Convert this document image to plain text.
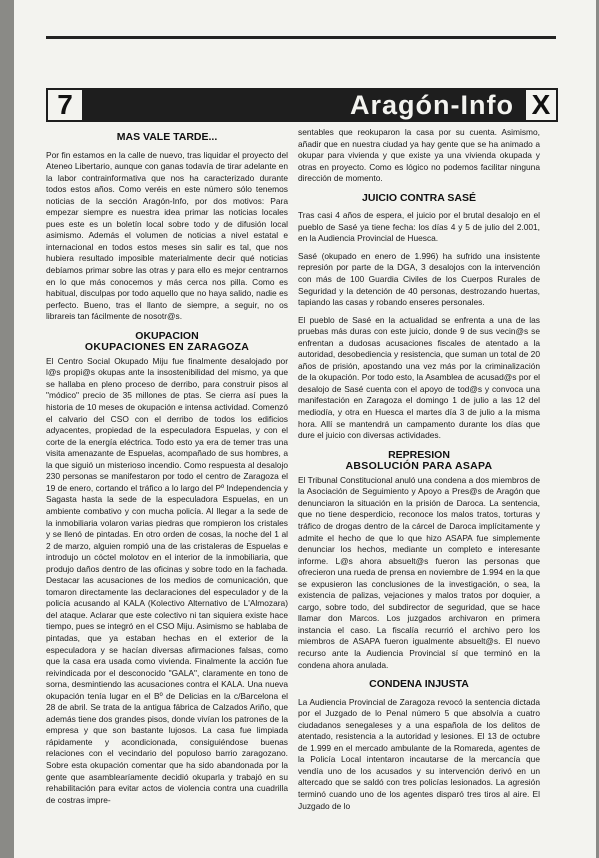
7	Aragón-Info X
MAS VALE TARDE...

Por fin estamos en la calle de nuevo, tras liquidar el proyecto del Ateneo Libertario, aunque con ganas todavía de tirar adelante en la labor contrainformativa que nos ha caracterizado durante todos estos años. Como veréis en este número sólo tenemos noticias de la sección Aragón-Info, por dos motivos: Para empezar siempre es nuestra idea primar las noticias locales pues este es un boletín local sobre todo y de difusión local asimismo. Además el volumen de noticias a nivel estatal e internacional en todos estos meses sin salir es tal, que nos hubiera resultado imposible materialmente decir qué noticias debíamos primar sobre las otras y para ello es mejor centrarnos en lo que más conocemos y más cerca nos pilla. Como es habitual, disculpas por todo aquello que no haya salido, nadie es perfecto. Bueno, tras el llanto de siempre, a seguir, no os librareis tan fácilmente de nosotr@s.

OKUPACION
OKUPACIONES EN ZARAGOZA

El Centro Social Okupado Miju fue finalmente desalojado por l@s propi@s okupas ante la insostenibilidad del mismo, ya que se hallaba en pleno proceso de derribo, para construir pisos al "módico" precio de 35 millones de ptas. Se cierra así pues la historia de 10 meses de okupación e intensa actividad. Comenzó el calvario del CSO con el derribo de todos los edificios adyacentes, propiedad de la especuladora Espuelas, y con el corte de la energía eléctrica. Todo esto ya era de temer tras una visita amenazante de Espuelas, acompañado de sus hombres, a la que siguió un misterioso incendio. Como respuesta al desalojo 230 personas se manifestaron por todo el centro de Zaragoza el 19 de enero, cortando el tráfico a lo largo del Pº Independencia y Sagasta hasta la sede de la especuladora Espuelas, en un ambiente combativo y con mucha policía. Al llegar a la sede de la inmobiliaria volaron varias piedras que rompieron los cristales y se llenó de pintadas. En otro orden de cosas, la noche del 1 al 2 de marzo, alguien rompió una de las cristaleras de Espuelas e introdujo un cóctel molotov en el interior de la inmobiliaria, que produjo daños dentro de las oficinas y sobre todo en la fachada. Destacar las acusaciones de los medios de comunicación, que tomaron directamente las declaraciones del especulador y de la policía acusando al KALA (Kolectivo Alternativo de L'Almozara) del ataque. Aclarar que este colectivo ni tan siquiera existe hace tiempo, pues se integró en el CSO Miju. Asimismo se hablaba de pintadas, que ya estaban hechas en el exterior de la especuladora y se hacían diversas afirmaciones falsas, como que la casa era usada como vivienda. Finalmente la acción fue reivindicada por el desconocido "GALA", claramente en tono de sorna, desmintiendo las acusaciones contra el KALA. Una nueva okupación tenía lugar en el Bº de Delicias en la c/Barcelona el 28 de abril. Se trata de la antigua fábrica de Calzados Ariño, que además tiene dos grandes pisos, donde vivían los patrones de la empresa y que son bastante lujosos. La casa fue limpiada rápidamente y acondicionada, consiguiéndose buenas relaciones con el vecindario del populoso barrio zaragozano. Sobre esta okupación comentar que ha sido abandonada por la gente que asamblearíamente decidió okuparla y trabajó en su rehabilitación para evitar actos de violencia contra una cuadrilla de costras impre-

sentables que reokuparon la casa por su cuenta. Asimismo, añadir que en nuestra ciudad ya hay gente que se ha animado a okupar para vivienda y que existe ya una vivienda okupada y otras en proyecto. Como es lógico no podemos facilitar ninguna dirección de momento.

JUICIO CONTRA SASÉ

Tras casi 4 años de espera, el juicio por el brutal desalojo en el pueblo de Sasé ya tiene fecha: los días 4 y 5 de julio del 2.001, en la Audiencia Provincial de Huesca.

Sasé (okupado en enero de 1.996) ha sufrido una insistente represión por parte de la DGA, 3 desalojos con la intervención con más de 100 Guardia Civiles de los Cuerpos Rurales de Seguridad y la detención de 40 personas, destrozando huertas, tapiando las casas y robando enseres personales.

El pueblo de Sasé en la actualidad se enfrenta a una de las pruebas más duras con este juicio, donde 9 de sus vecin@s se enfrentan a dudosas acusaciones fiscales de atentado a la autoridad, desobediencia y resistencia, que suman un total de 20 años de prisión, apostando una vez más por la criminalización de la okupación. Por todo esto, la Asamblea de acusad@s por el desalojo de Sasé cuenta con el apoyo de tod@s y convoca una manifestación en Zaragoza el domingo 1 de julio a las 12 del mediodía, y otra en Huesca el martes día 3 de julio a la misma hora. Allí se mantendrá un campamento durante los días que dure el juicio con diversas actividades.

REPRESION
ABSOLUCIÓN PARA ASAPA

El Tribunal Constitucional anuló una condena a dos miembros de la Asociación de Seguimiento y Apoyo a Pres@s de Aragón que denunciaron la situación en la prisión de Daroca. La sentencia, que no tiene desperdicio, reconoce los malos tratos, torturas y tráfico de drogas dentro de la cárcel de Daroca implícitamente y admite el hecho de que lo que hizo ASAPA fue simplemente denunciar los hechos, mediante un completo e interesante informe. L@s ahora absuelt@s fueron las personas que ofrecieron una rueda de prensa en noviembre de 1.994 en la que se expusieron las conclusiones de la investigación, o sea, la existencia de palizas, vejaciones y malos tratos por doquier, a cargo, sobre todo, del subdirector de seguridad, que se hace llamar don Marcos. Los juzgados archivaron en primera instancia el caso. La fiscalía recurrió el archivo pero los miembros de ASAPA fueron igualmente absuelt@s. El nuevo recurso ante la Audiencia Provincial sí que terminó en la condena ahora anulada.

CONDENA INJUSTA

La Audiencia Provincial de Zaragoza revocó la sentencia dictada por el Juzgado de lo Penal número 5 que absolvía a cuatro ciudadanos senegaleses y a una española de los delitos de atentado, resistencia a la autoridad y lesiones. El 13 de octubre de 1.999 en el mercado ambulante de la Romareda, agentes de la Policía Local intentaron incautarse de la mercancía que vendía uno de los acusados y su intervención derivó en un altercado que se saldó con tres policías lesionados. La agresión terminó cuando uno de los agentes disparó tres tiros al aire. El Juzgado de lo
